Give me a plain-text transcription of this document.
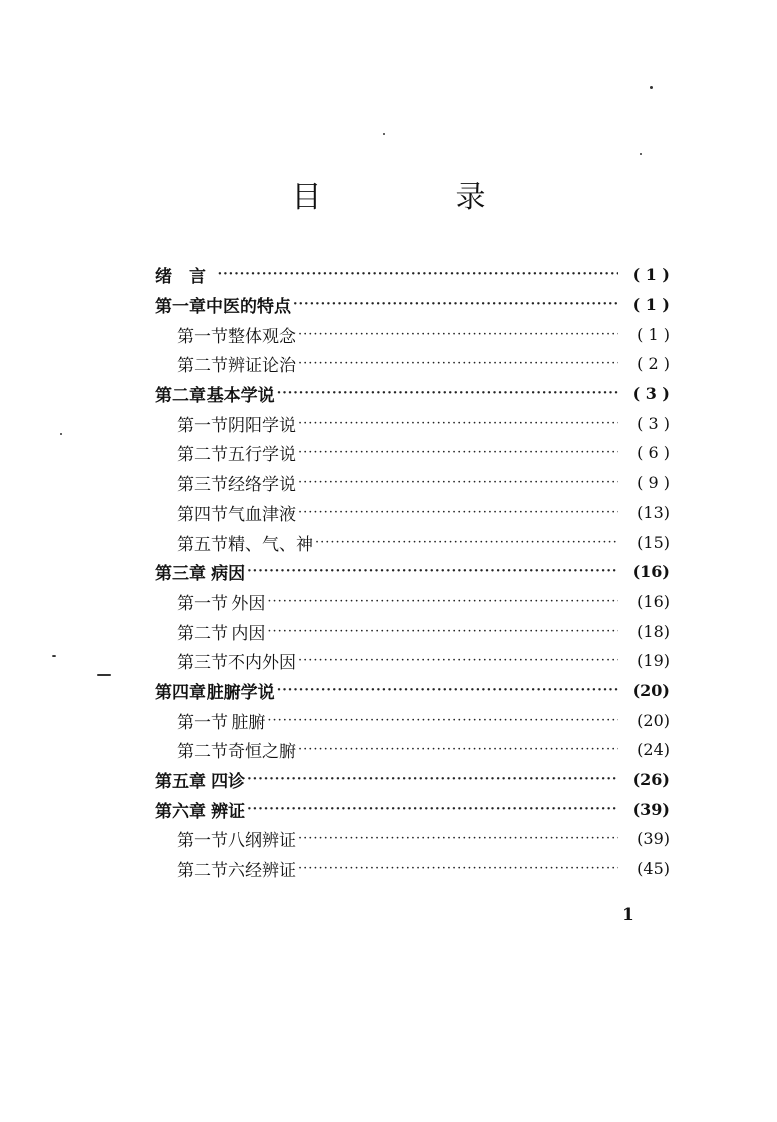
目　录
绪　言 ·····	( 1 )
第一章 中医的特点 ·····	( 1 )
第一节 整体观念 ·····	( 1 )
第二节 辨证论治 ·····	( 2 )
第二章 基本学说 ·····	( 3 )
第一节 阴阳学说 ·····	( 3 )
第二节 五行学说 ·····	( 6 )
第三节 经络学说 ·····	( 9 )
第四节 气血津液 ·····	(13)
第五节 精、气、神 ·····	(15)
第三章 病因 ·····	(16)
第一节 外因 ·····	(16)
第二节 内因 ·····	(18)
第三节 不内外因 ·····	(19)
第四章 脏腑学说 ·····	(20)
第一节 脏腑 ·····	(20)
第二节 奇恒之腑 ·····	(24)
第五章 四诊 ·····	(26)
第六章 辨证 ·····	(39)
第一节 八纲辨证 ·····	(39)
第二节 六经辨证 ·····	(45)
1
